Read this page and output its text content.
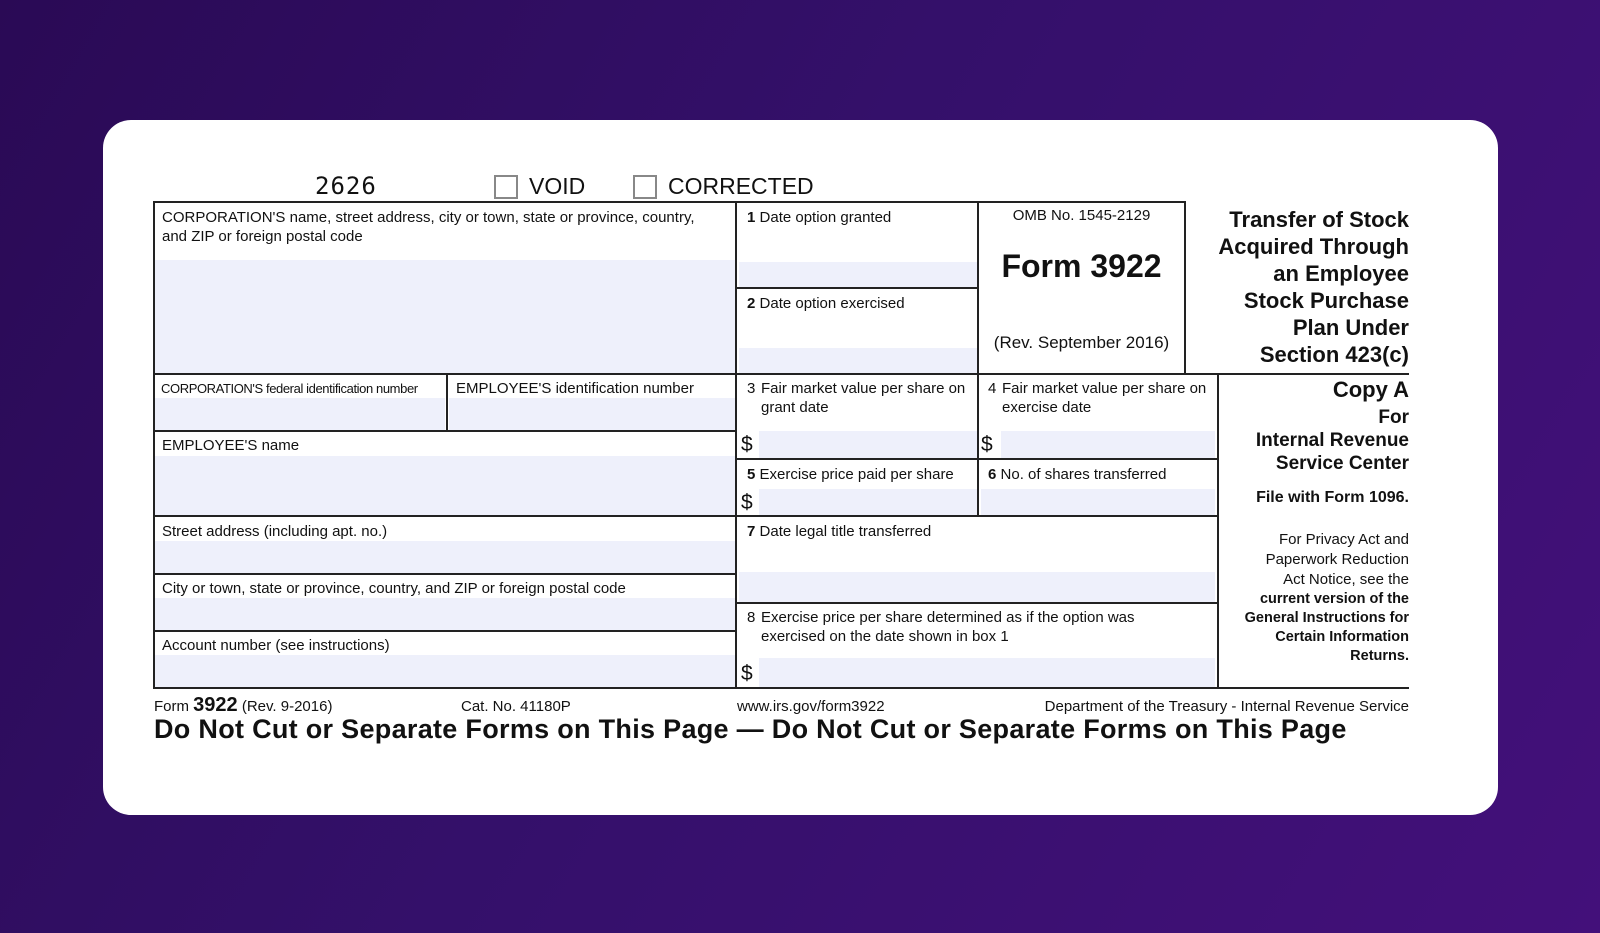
2626	VOID	CORRECTED
CORPORATION'S name, street address, city or town, state or province, country, and ZIP or foreign postal code
CORPORATION'S federal identification number	EMPLOYEE'S identification number
EMPLOYEE'S name
Street address (including apt. no.)
City or town, state or province, country, and ZIP or foreign postal code
Account number (see instructions)
1 Date option granted
2 Date option exercised
3 Fair market value per share on grant date
$
4 Fair market value per share on exercise date
$
5 Exercise price paid per share
$
6 No. of shares transferred
7 Date legal title transferred
8 Exercise price per share determined as if the option was exercised on the date shown in box 1
$
OMB No. 1545-2129
Form 3922
(Rev. September 2016)
Transfer of Stock
Acquired Through
an Employee
Stock Purchase
Plan Under
Section 423(c)
Copy A
For
Internal Revenue
Service Center
File with Form 1096.
For Privacy Act and
Paperwork Reduction
Act Notice, see the
current version of the
General Instructions for
Certain Information
Returns.
Form 3922 (Rev. 9-2016)	Cat. No. 41180P	www.irs.gov/form3922	Department of the Treasury - Internal Revenue Service
Do Not Cut or Separate Forms on This Page — Do Not Cut or Separate Forms on This Page
